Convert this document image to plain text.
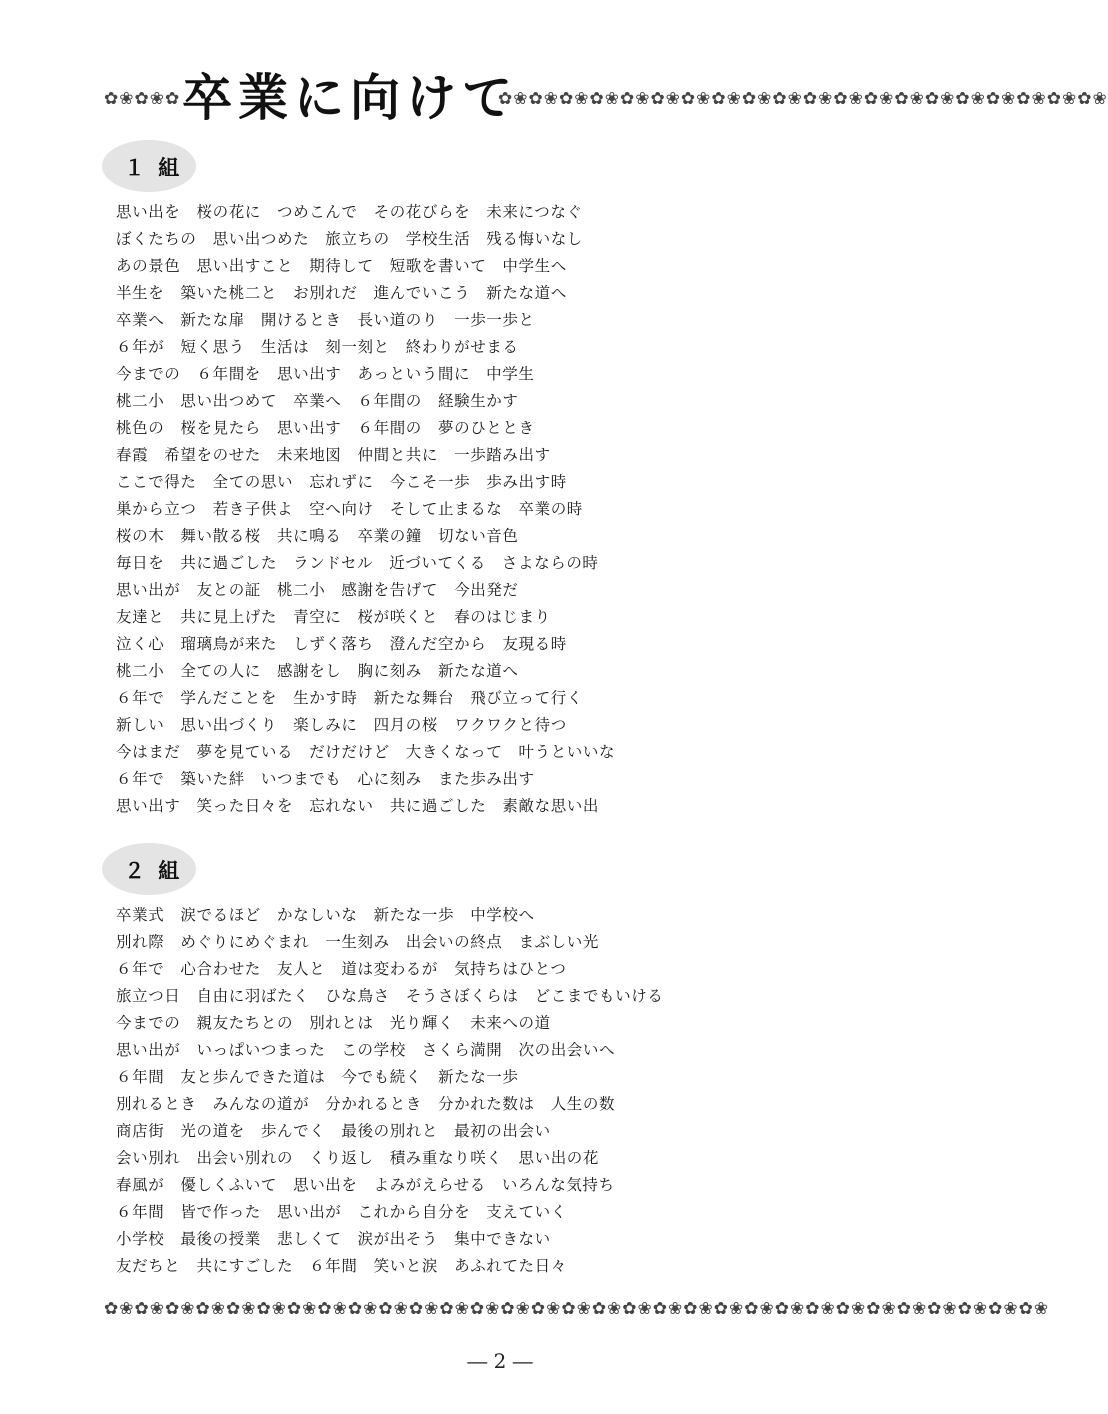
✿❀✿❀✿ 卒業に向けて
✿❀✿❀✿❀✿❀✿❀✿❀✿❀✿❀✿❀✿❀✿❀✿❀✿❀✿❀✿❀✿❀✿❀✿❀✿❀✿❀
１ 組
思い出を　桜の花に　つめこんで　その花びらを　未来につなぐ
ぼくたちの　思い出つめた　旅立ちの　学校生活　残る悔いなし
あの景色　思い出すこと　期待して　短歌を書いて　中学生へ
半生を　築いた桃二と　お別れだ　進んでいこう　新たな道へ
卒業へ　新たな扉　開けるとき　長い道のり　一歩一歩と
６年が　短く思う　生活は　刻一刻と　終わりがせまる
今までの　６年間を　思い出す　あっという間に　中学生
桃二小　思い出つめて　卒業へ　６年間の　経験生かす
桃色の　桜を見たら　思い出す　６年間の　夢のひととき
春霞　希望をのせた　未来地図　仲間と共に　一歩踏み出す
ここで得た　全ての思い　忘れずに　今こそ一歩　歩み出す時
巣から立つ　若き子供よ　空へ向け　そして止まるな　卒業の時
桜の木　舞い散る桜　共に鳴る　卒業の鐘　切ない音色
毎日を　共に過ごした　ランドセル　近づいてくる　さよならの時
思い出が　友との証　桃二小　感謝を告げて　今出発だ
友達と　共に見上げた　青空に　桜が咲くと　春のはじまり
泣く心　瑠璃鳥が来た　しずく落ち　澄んだ空から　友現る時
桃二小　全ての人に　感謝をし　胸に刻み　新たな道へ
６年で　学んだことを　生かす時　新たな舞台　飛び立って行く
新しい　思い出づくり　楽しみに　四月の桜　ワクワクと待つ
今はまだ　夢を見ている　だけだけど　大きくなって　叶うといいな
６年で　築いた絆　いつまでも　心に刻み　また歩み出す
思い出す　笑った日々を　忘れない　共に過ごした　素敵な思い出
２ 組
卒業式　涙でるほど　かなしいな　新たな一歩　中学校へ
別れ際　めぐりにめぐまれ　一生刻み　出会いの終点　まぶしい光
６年で　心合わせた　友人と　道は変わるが　気持ちはひとつ
旅立つ日　自由に羽ばたく　ひな鳥さ　そうさぼくらは　どこまでもいける
今までの　親友たちとの　別れとは　光り輝く　未来への道
思い出が　いっぱいつまった　この学校　さくら満開　次の出会いへ
６年間　友と歩んできた道は　今でも続く　新たな一歩
別れるとき　みんなの道が　分かれるとき　分かれた数は　人生の数
商店街　光の道を　歩んでく　最後の別れと　最初の出会い
会い別れ　出会い別れの　くり返し　積み重なり咲く　思い出の花
春風が　優しくふいて　思い出を　よみがえらせる　いろんな気持ち
６年間　皆で作った　思い出が　これから自分を　支えていく
小学校　最後の授業　悲しくて　涙が出そう　集中できない
友だちと　共にすごした　６年間　笑いと涙　あふれてた日々
✿❀✿❀✿❀✿❀✿❀✿❀✿❀✿❀✿❀✿❀✿❀✿❀✿❀✿❀✿❀✿❀✿❀✿❀✿❀✿❀✿❀✿❀✿❀✿❀✿❀✿❀✿❀✿❀✿❀✿❀✿❀
― 2 ―
